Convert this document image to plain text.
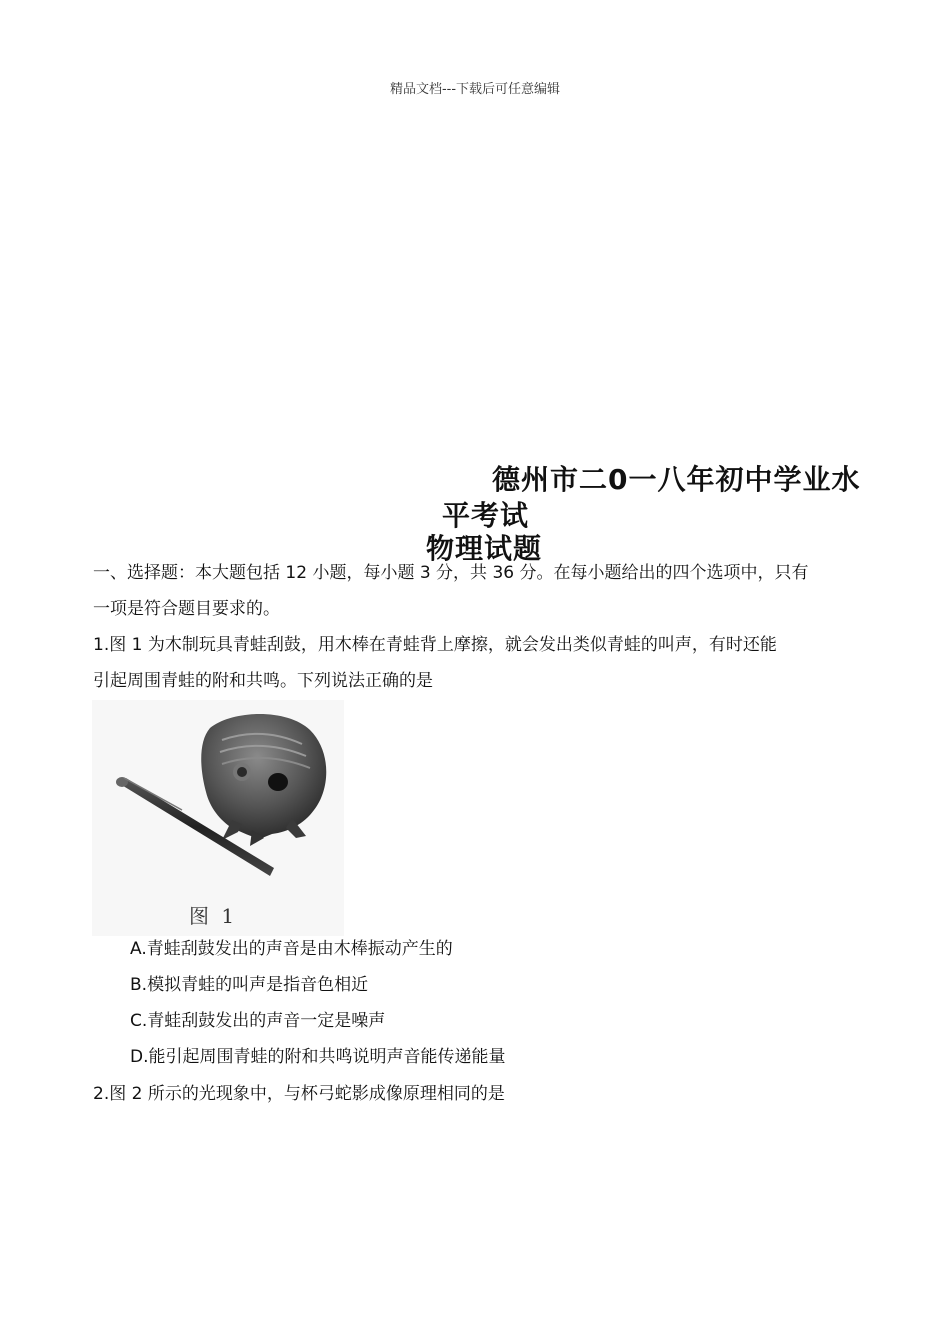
精品文档---下载后可任意编辑
德州市二0一八年初中学业水
平考试
物理试题
一、选择题：本大题包括 12 小题，每小题 3 分，共 36 分。在每小题给出的四个选项中，只有
一项是符合题目要求的。
1.图 1 为木制玩具青蛙刮鼓，用木棒在青蛙背上摩擦，就会发出类似青蛙的叫声，有时还能
引起周围青蛙的附和共鸣。下列说法正确的是
图 1
A.青蛙刮鼓发出的声音是由木棒振动产生的
B.模拟青蛙的叫声是指音色相近
C.青蛙刮鼓发出的声音一定是噪声
D.能引起周围青蛙的附和共鸣说明声音能传递能量
2.图 2 所示的光现象中，与杯弓蛇影成像原理相同的是
